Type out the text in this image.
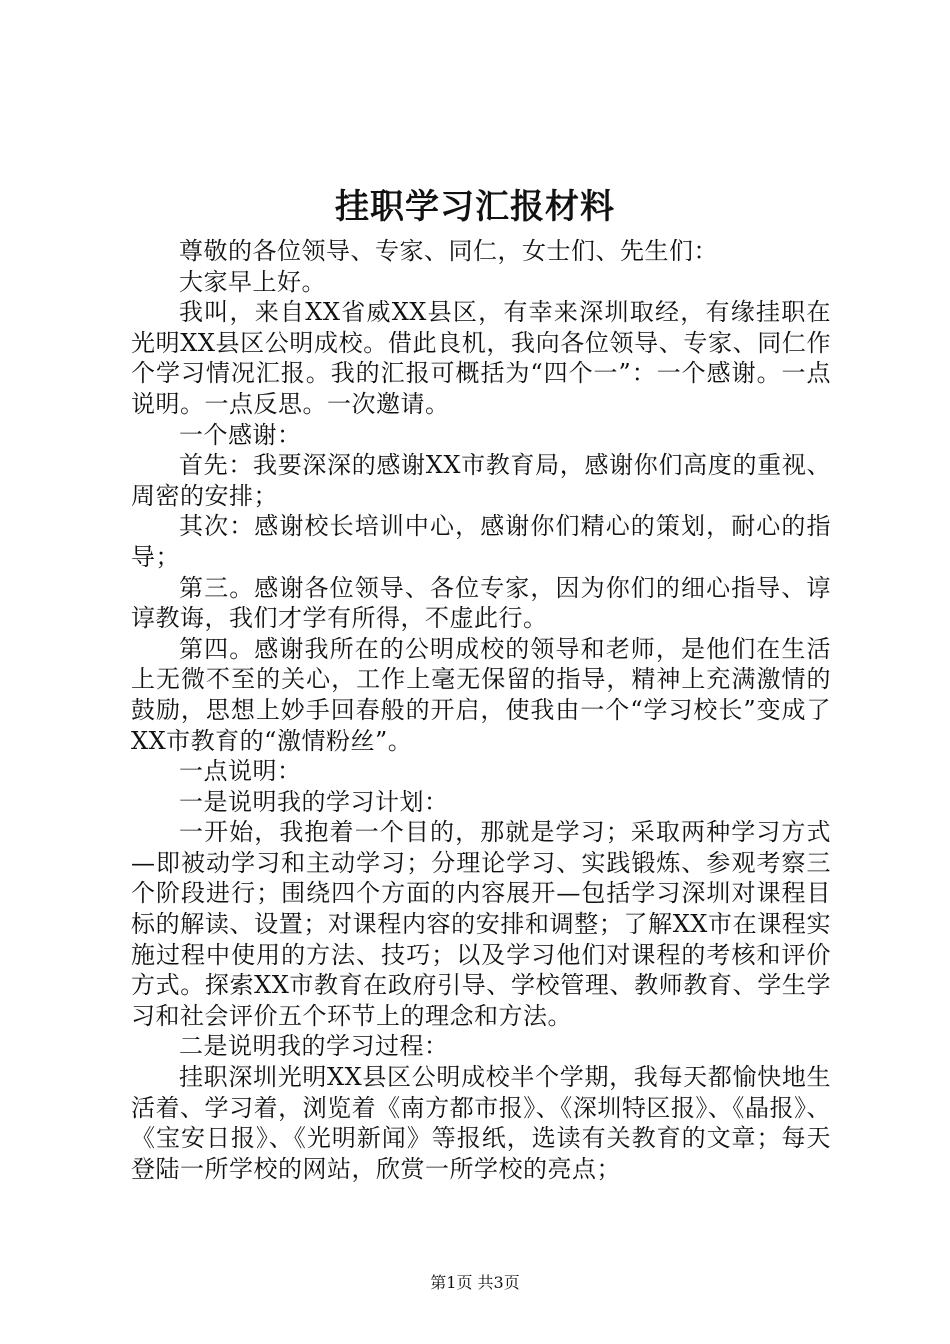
挂职学习汇报材料

尊敬的各位领导、专家、同仁，女士们、先生们：

大家早上好。

我叫，来自XX省威XX县区，有幸来深圳取经，有缘挂职在光明XX县区公明成校。借此良机，我向各位领导、专家、同仁作个学习情况汇报。我的汇报可概括为“四个一”：一个感谢。一点说明。一点反思。一次邀请。

一个感谢：

首先：我要深深的感谢XX市教育局，感谢你们高度的重视、周密的安排；

其次：感谢校长培训中心，感谢你们精心的策划，耐心的指导；

第三。感谢各位领导、各位专家，因为你们的细心指导、谆谆教诲，我们才学有所得，不虚此行。

第四。感谢我所在的公明成校的领导和老师，是他们在生活上无微不至的关心，工作上毫无保留的指导，精神上充满激情的鼓励，思想上妙手回春般的开启，使我由一个“学习校长”变成了XX市教育的“激情粉丝”。

一点说明：

一是说明我的学习计划：

一开始，我抱着一个目的，那就是学习；采取两种学习方式—即被动学习和主动学习；分理论学习、实践锻炼、参观考察三个阶段进行；围绕四个方面的内容展开—包括学习深圳对课程目标的解读、设置；对课程内容的安排和调整；了解XX市在课程实施过程中使用的方法、技巧；以及学习他们对课程的考核和评价方式。探索XX市教育在政府引导、学校管理、教师教育、学生学习和社会评价五个环节上的理念和方法。

二是说明我的学习过程：

挂职深圳光明XX县区公明成校半个学期，我每天都愉快地生活着、学习着，浏览着《南方都市报》、《深圳特区报》、《晶报》、《宝安日报》、《光明新闻》等报纸，选读有关教育的文章；每天登陆一所学校的网站，欣赏一所学校的亮点；

第1页 共3页
